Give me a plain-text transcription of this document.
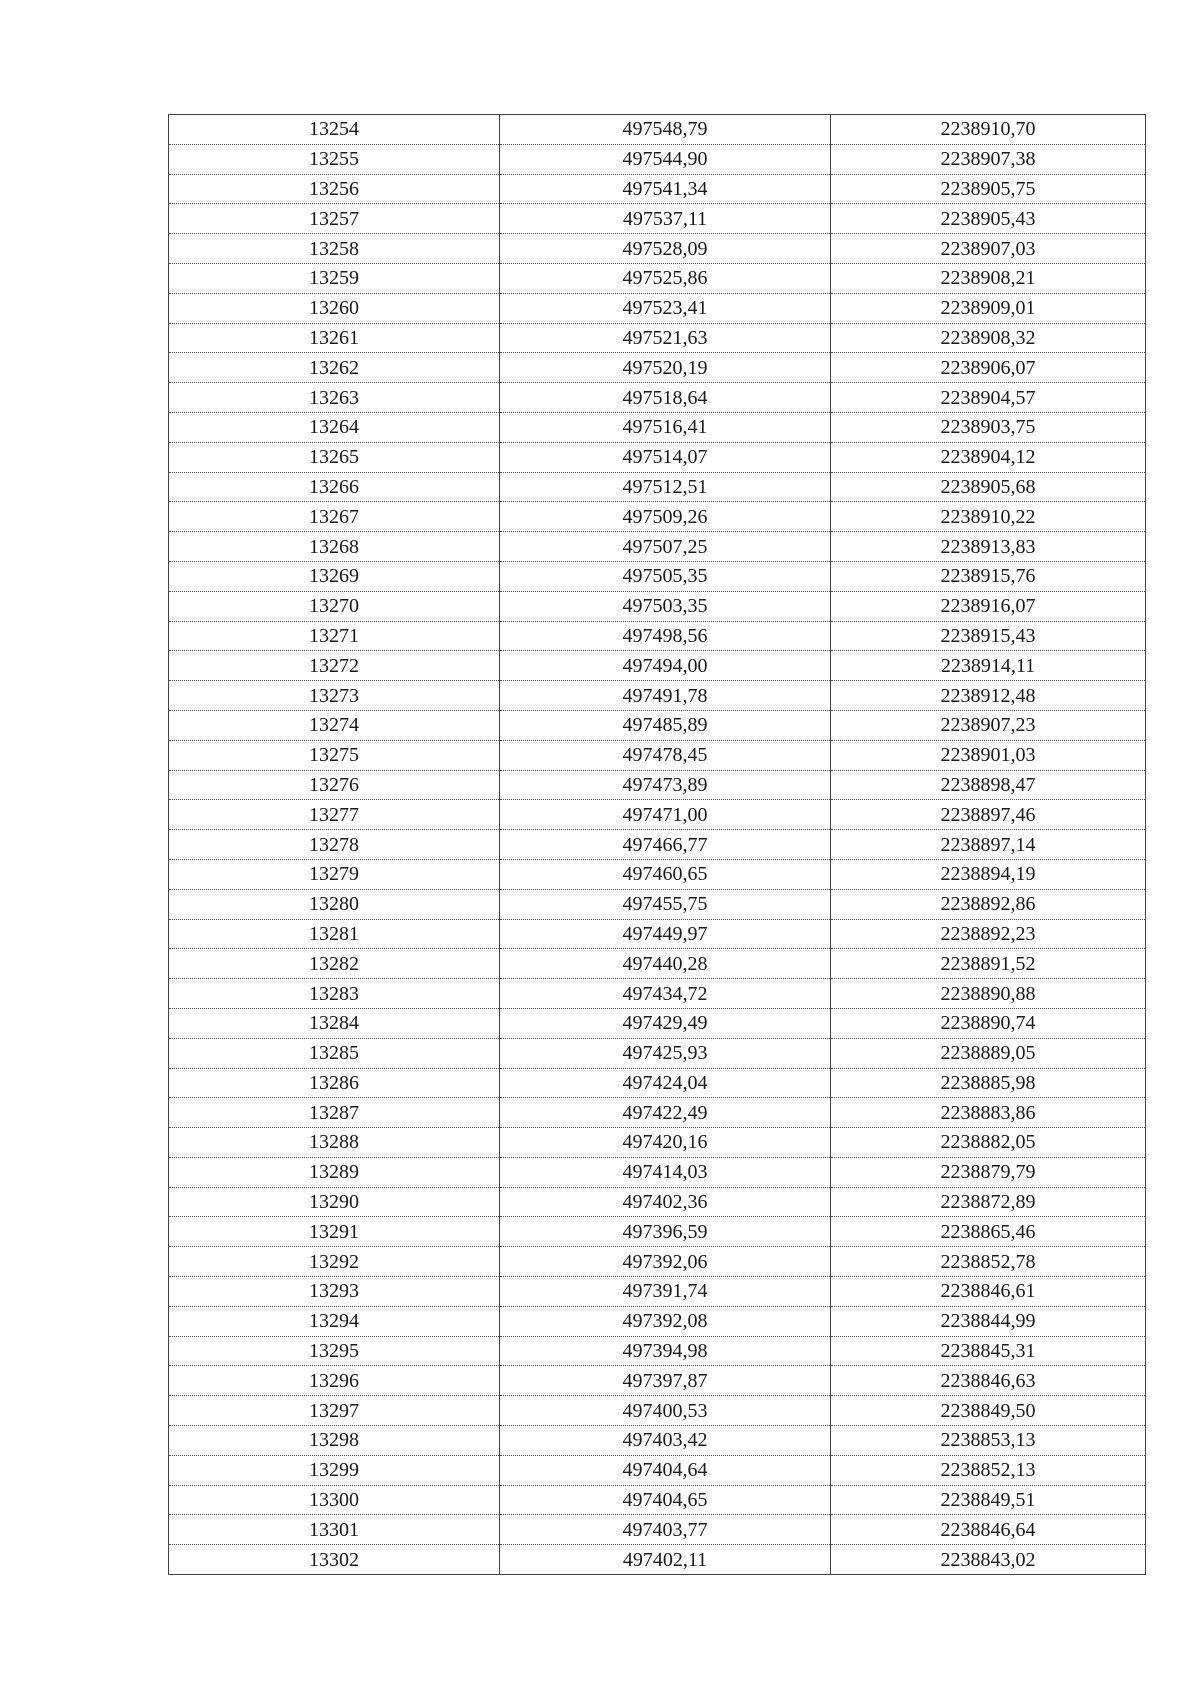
13254	497548,79	2238910,70
13255	497544,90	2238907,38
13256	497541,34	2238905,75
13257	497537,11	2238905,43
13258	497528,09	2238907,03
13259	497525,86	2238908,21
13260	497523,41	2238909,01
13261	497521,63	2238908,32
13262	497520,19	2238906,07
13263	497518,64	2238904,57
13264	497516,41	2238903,75
13265	497514,07	2238904,12
13266	497512,51	2238905,68
13267	497509,26	2238910,22
13268	497507,25	2238913,83
13269	497505,35	2238915,76
13270	497503,35	2238916,07
13271	497498,56	2238915,43
13272	497494,00	2238914,11
13273	497491,78	2238912,48
13274	497485,89	2238907,23
13275	497478,45	2238901,03
13276	497473,89	2238898,47
13277	497471,00	2238897,46
13278	497466,77	2238897,14
13279	497460,65	2238894,19
13280	497455,75	2238892,86
13281	497449,97	2238892,23
13282	497440,28	2238891,52
13283	497434,72	2238890,88
13284	497429,49	2238890,74
13285	497425,93	2238889,05
13286	497424,04	2238885,98
13287	497422,49	2238883,86
13288	497420,16	2238882,05
13289	497414,03	2238879,79
13290	497402,36	2238872,89
13291	497396,59	2238865,46
13292	497392,06	2238852,78
13293	497391,74	2238846,61
13294	497392,08	2238844,99
13295	497394,98	2238845,31
13296	497397,87	2238846,63
13297	497400,53	2238849,50
13298	497403,42	2238853,13
13299	497404,64	2238852,13
13300	497404,65	2238849,51
13301	497403,77	2238846,64
13302	497402,11	2238843,02
